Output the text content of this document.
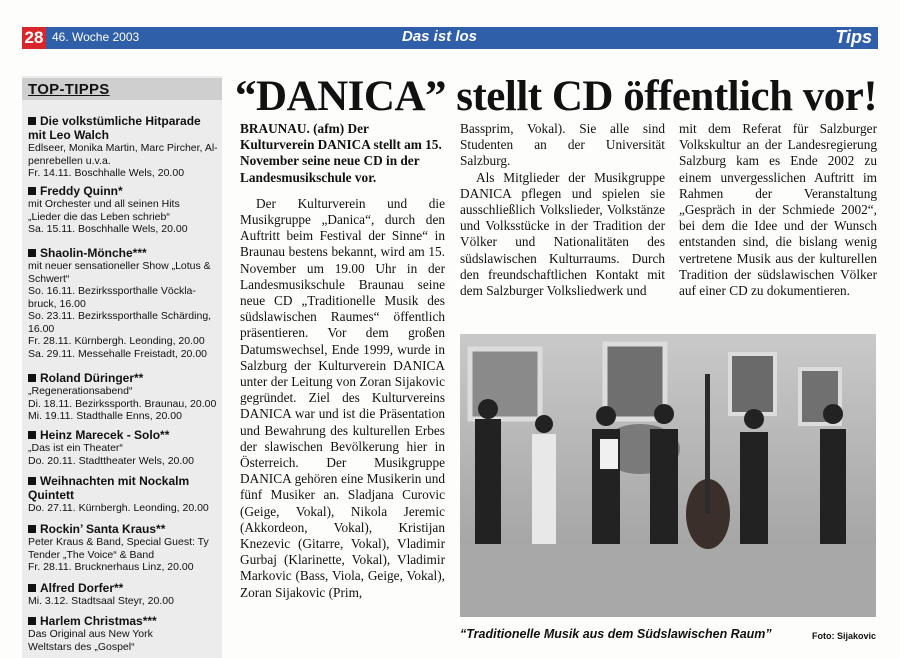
28 46. Woche 2003	Das ist los	Tips
TOP-TIPPS
Die volkstümliche Hitparade mit Leo Walch
Edlseer, Monika Martin, Marc Pircher, Al-
penrebellen u.v.a.
Fr. 14.11. Boschhalle Wels, 20.00
Freddy Quinn*
mit Orchester und all seinen Hits
„Lieder die das Leben schrieb“
Sa. 15.11. Boschhalle Wels, 20.00
Shaolin-Mönche***
mit neuer sensationeller Show „Lotus &
Schwert“
So. 16.11. Bezirkssporthalle Vöckla-
bruck, 16.00
So. 23.11. Bezirkssporthalle Schärding,
16.00
Fr. 28.11. Kürnbergh. Leonding, 20.00
Sa. 29.11. Messehalle Freistadt, 20.00
Roland Düringer**
„Regenerationsabend“
Di. 18.11. Bezirkssporth. Braunau, 20.00
Mi. 19.11. Stadthalle Enns, 20.00
Heinz Marecek - Solo**
„Das ist ein Theater“
Do. 20.11. Stadttheater Wels, 20.00
Weihnachten mit Nockalm Quintett
Do. 27.11. Kürnbergh. Leonding, 20.00
Rockin’ Santa Kraus**
Peter Kraus & Band, Special Guest: Ty
Tender „The Voice“ & Band
Fr. 28.11. Brucknerhaus Linz, 20.00
Alfred Dorfer**
Mi. 3.12. Stadtsaal Steyr, 20.00
Harlem Christmas***
Das Original aus New York
Weltstars des „Gospel“
“DANICA” stellt CD öffentlich vor!
BRAUNAU. (afm) Der Kulturverein DANICA stellt am 15. November seine neue CD in der Landesmusikschule vor.

Der Kulturverein und die Musikgruppe „Danica“, durch den Auftritt beim Festival der Sinne“ in Braunau bestens bekannt, wird am 15. November um 19.00 Uhr in der Landesmusikschule Braunau seine neue CD „Traditionelle Musik des südslawischen Raumes“ öffentlich präsentieren. Vor dem großen Datumswechsel, Ende 1999, wurde in Salzburg der Kulturverein DANICA unter der Leitung von Zoran Sijakovic gegründet. Ziel des Kulturvereins DANICA war und ist die Präsentation und Bewahrung des kulturellen Erbes der slawischen Bevölkerung hier in Österreich. Der Musikgruppe DANICA gehören eine Musikerin und fünf Musiker an. Sladjana Curovic (Geige, Vokal), Nikola Jeremic (Akkordeon, Vokal), Kristijan Knezevic (Gitarre, Vokal), Vladimir Gurbaj (Klarinette, Vokal), Vladimir Markovic (Bass, Viola, Geige, Vokal), Zoran Sijakovic (Prim,

Bassprim, Vokal). Sie alle sind Studenten an der Universität Salzburg.

Als Mitglieder der Musikgruppe DANICA pflegen und spielen sie ausschließlich Volkslieder, Volkstänze und Volksstücke in der Tradition der Völker und Nationalitäten des südslawischen Kulturraums. Durch den freundschaftlichen Kontakt mit dem Salzburger Volksliedwerk und

mit dem Referat für Salzburger Volkskultur an der Landesregierung Salzburg kam es Ende 2002 zu einem unvergesslichen Auftritt im Rahmen der Veranstaltung „Gespräch in der Schmiede 2002“, bei dem die Idee und der Wunsch entstanden sind, die bislang wenig vertretene Musik aus der kulturellen Tradition der südslawischen Völker auf einer CD zu dokumentieren.

“Traditionelle Musik aus dem Südslawischen Raum”	Foto: Sijakovic
